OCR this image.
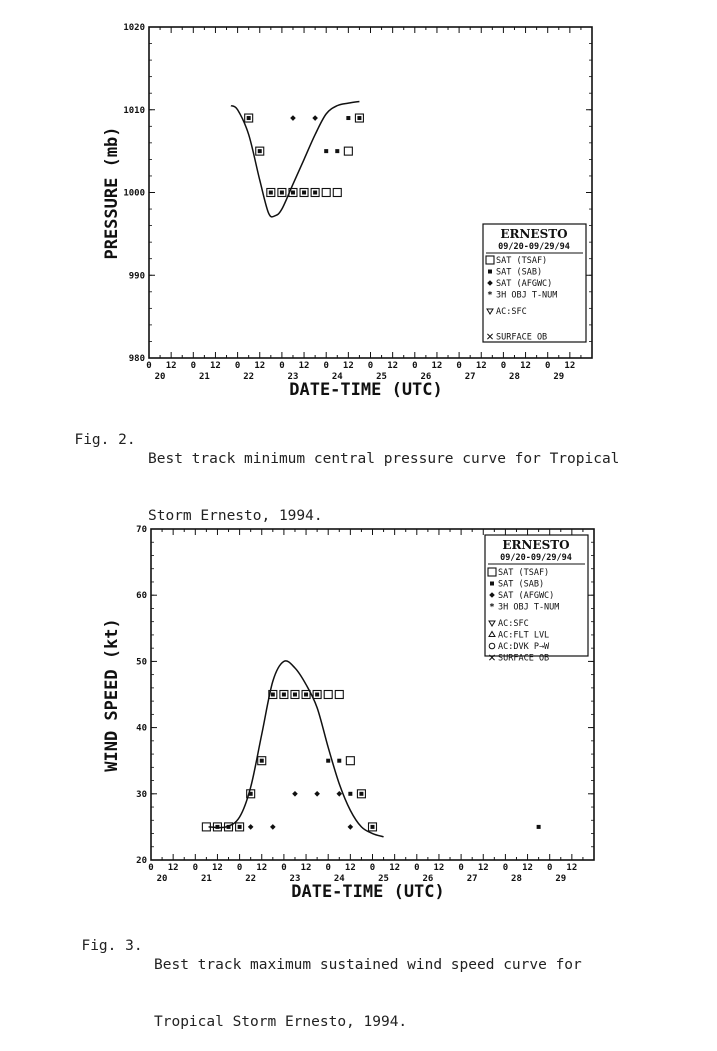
980
990
1000
1010
1020
0 12
20
0 12
21
0 12
22
0 12
23
0 12
24
0 12
25
0 12
26
0 12
27
0 12
28
0 12
29
PRESSURE (mb)
DATE-TIME (UTC)
ERNESTO
09/20-09/29/94
SAT (TSAF)
SAT (SAB)
SAT (AFGWC)
* 3H OBJ T-NUM
AC:SFC
SURFACE OB
20
30
40
50
60
70
0 12
20
0 12
21
0 12
22
0 12
23
0 12
24
0 12
25
0 12
26
0 12
27
0 12
28
0 12
29
WIND SPEED (kt)
DATE-TIME (UTC)
ERNESTO
09/20-09/29/94
SAT (TSAF)
SAT (SAB)
SAT (AFGWC)
* 3H OBJ T-NUM
AC:SFC
AC:FLT LVL
AC:DVK P→W
SURFACE OB

Fig. 2.

Best track minimum central pressure curve for Tropical

Storm Ernesto, 1994.

Fig. 3.

Best track maximum sustained wind speed curve for

Tropical Storm Ernesto, 1994.
